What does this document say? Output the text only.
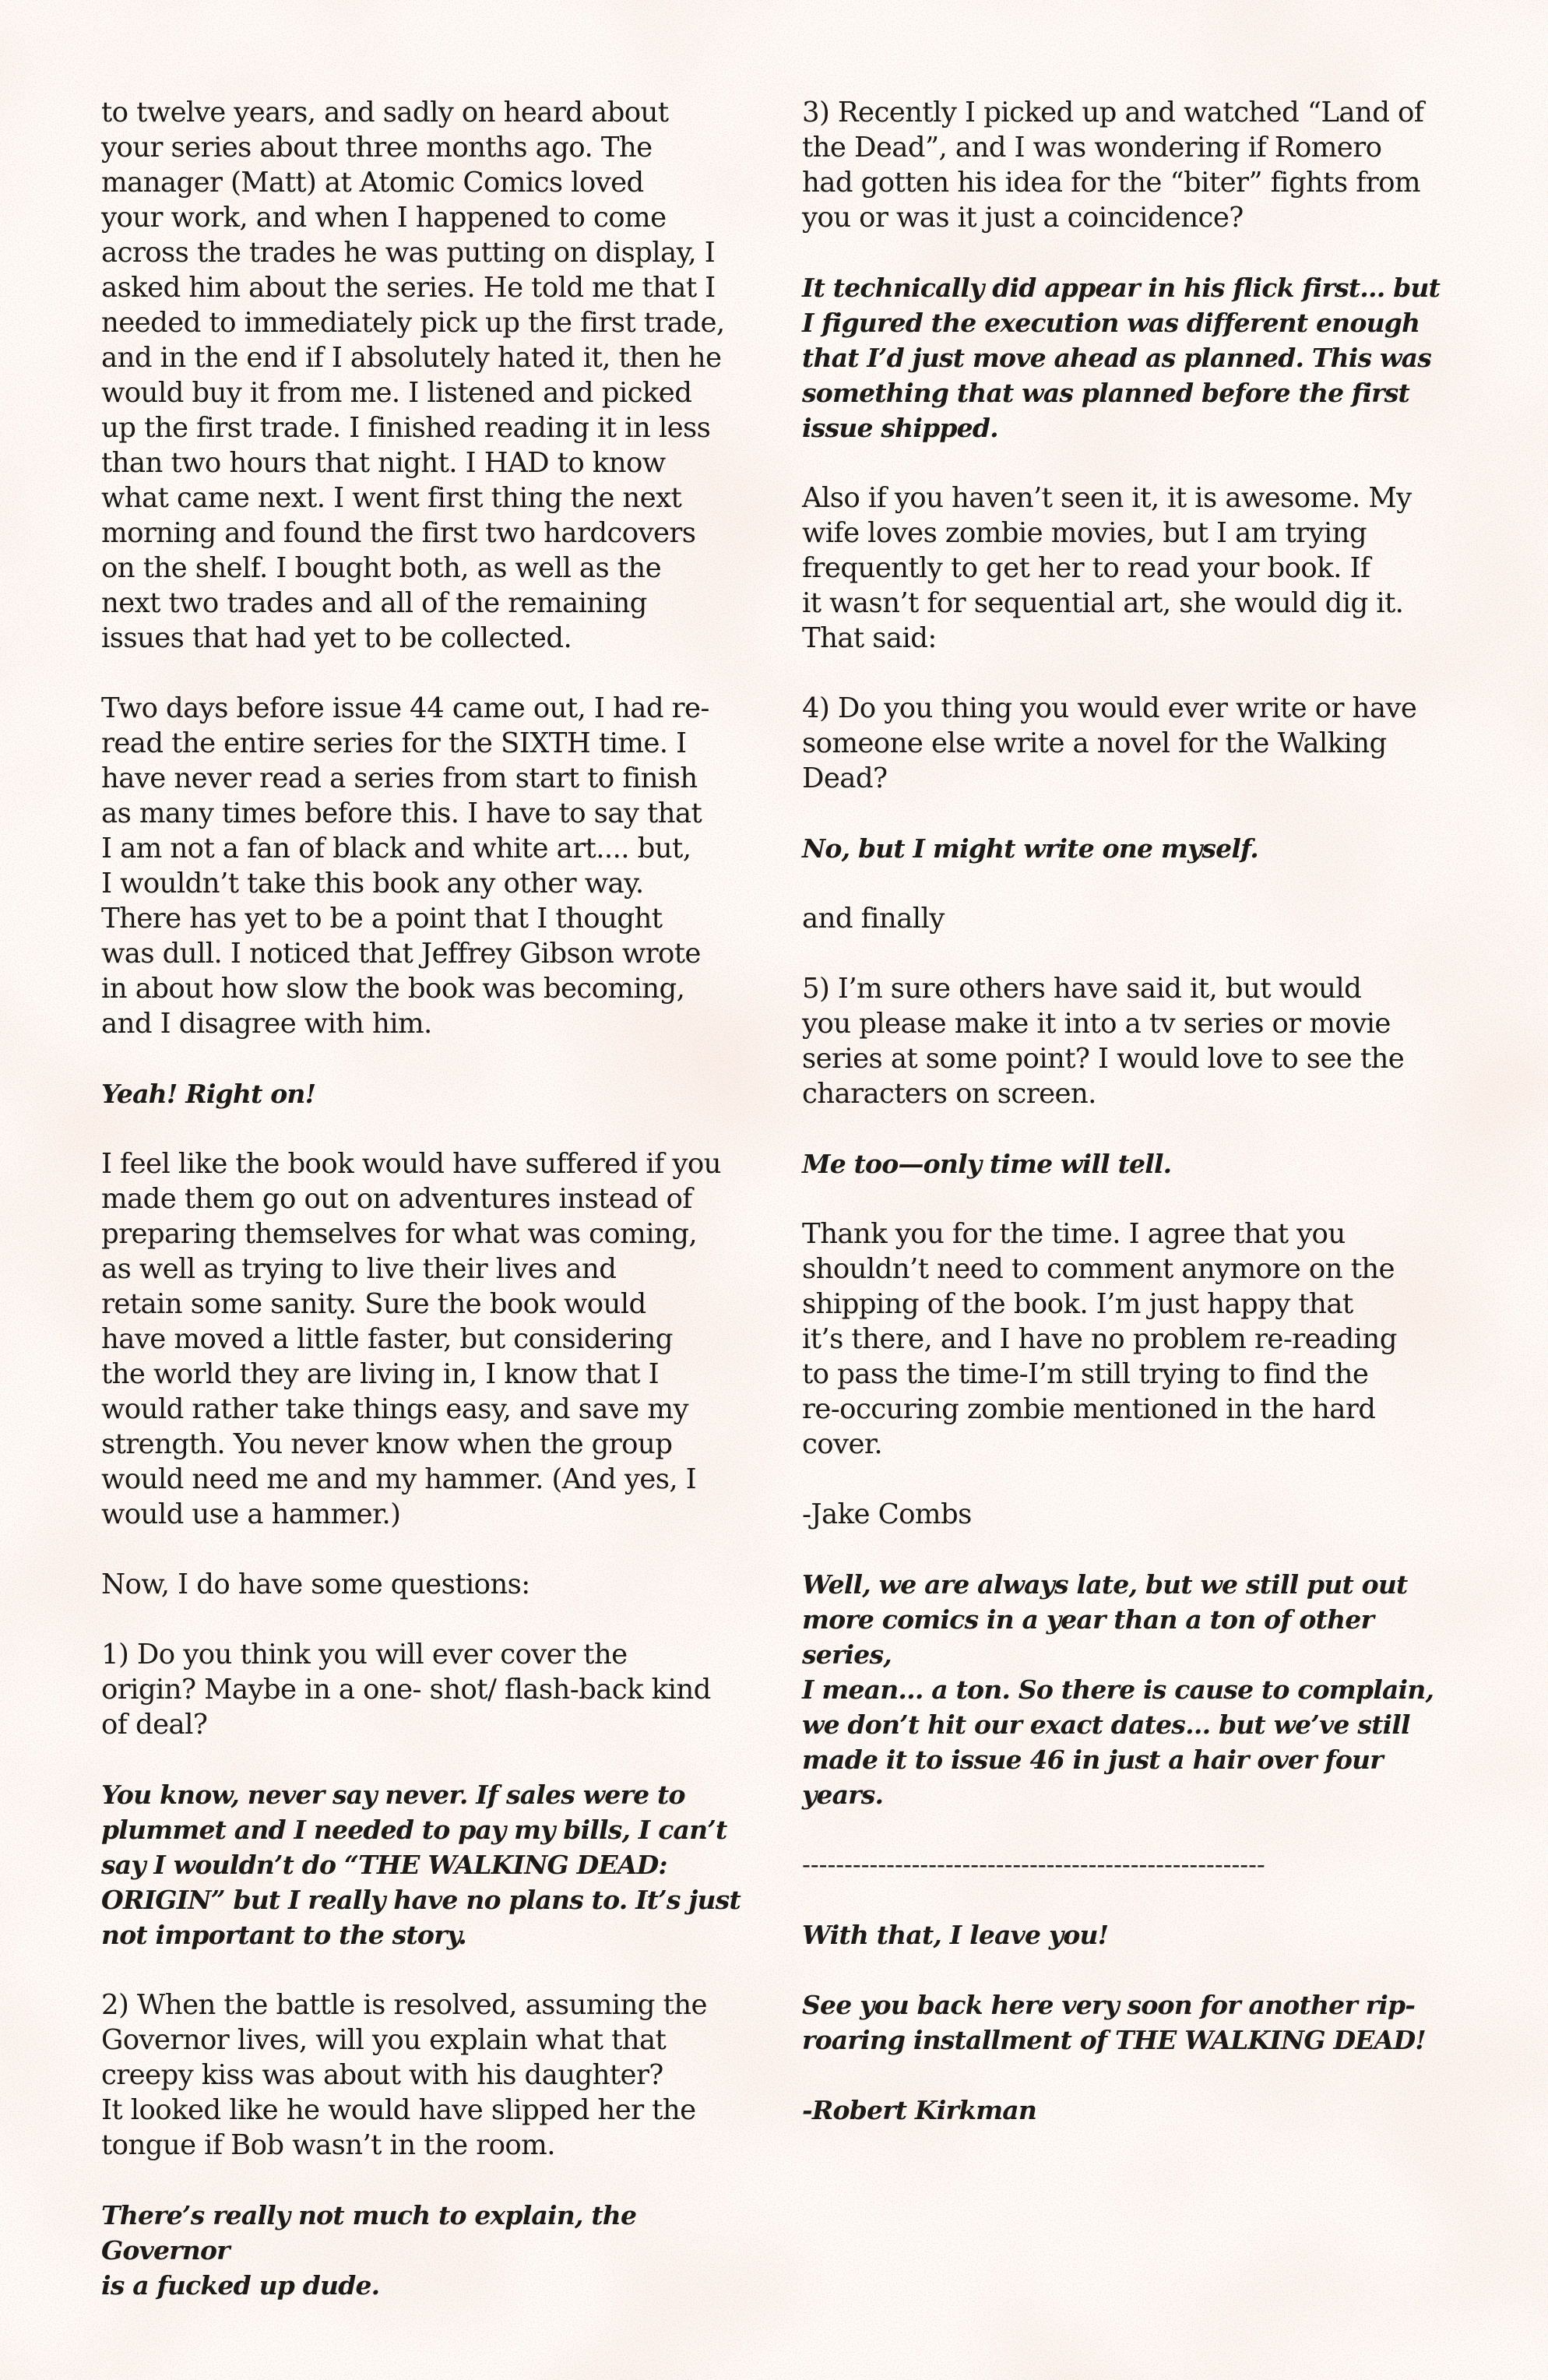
to twelve years, and sadly on heard about
your series about three months ago. The
manager (Matt) at Atomic Comics loved
your work, and when I happened to come
across the trades he was putting on display, I
asked him about the series. He told me that I
needed to immediately pick up the first trade,
and in the end if I absolutely hated it, then he
would buy it from me. I listened and picked
up the first trade. I finished reading it in less
than two hours that night. I HAD to know
what came next. I went first thing the next
morning and found the first two hardcovers
on the shelf. I bought both, as well as the
next two trades and all of the remaining
issues that had yet to be collected.

Two days before issue 44 came out, I had re-
read the entire series for the SIXTH time. I
have never read a series from start to finish
as many times before this. I have to say that
I am not a fan of black and white art.... but,
I wouldn’t take this book any other way.
There has yet to be a point that I thought
was dull. I noticed that Jeffrey Gibson wrote
in about how slow the book was becoming,
and I disagree with him.

Yeah! Right on!

I feel like the book would have suffered if you
made them go out on adventures instead of
preparing themselves for what was coming,
as well as trying to live their lives and
retain some sanity. Sure the book would
have moved a little faster, but considering
the world they are living in, I know that I
would rather take things easy, and save my
strength. You never know when the group
would need me and my hammer. (And yes, I
would use a hammer.)

Now, I do have some questions:

1) Do you think you will ever cover the
origin? Maybe in a one- shot/ flash-back kind
of deal?

You know, never say never. If sales were to
plummet and I needed to pay my bills, I can’t
say I wouldn’t do “THE WALKING DEAD:
ORIGIN” but I really have no plans to. It’s just
not important to the story.

2) When the battle is resolved, assuming the
Governor lives, will you explain what that
creepy kiss was about with his daughter?
It looked like he would have slipped her the
tongue if Bob wasn’t in the room.

There’s really not much to explain, the Governor
is a fucked up dude.

3) Recently I picked up and watched “Land of
the Dead”, and I was wondering if Romero
had gotten his idea for the “biter” fights from
you or was it just a coincidence?

It technically did appear in his flick first… but
I figured the execution was different enough
that I’d just move ahead as planned. This was
something that was planned before the first
issue shipped.

Also if you haven’t seen it, it is awesome. My
wife loves zombie movies, but I am trying
frequently to get her to read your book. If
it wasn’t for sequential art, she would dig it.
That said:

4) Do you thing you would ever write or have
someone else write a novel for the Walking
Dead?

No, but I might write one myself.

and finally

5) I’m sure others have said it, but would
you please make it into a tv series or movie
series at some point? I would love to see the
characters on screen.

Me too—only time will tell.

Thank you for the time. I agree that you
shouldn’t need to comment anymore on the
shipping of the book. I’m just happy that
it’s there, and I have no problem re-reading
to pass the time-I’m still trying to find the
re-occuring zombie mentioned in the hard
cover.

-Jake Combs

Well, we are always late, but we still put out
more comics in a year than a ton of other series,
I mean… a ton. So there is cause to complain,
we don’t hit our exact dates… but we’ve still
made it to issue 46 in just a hair over four
years.

-------------------------------------------------------

With that, I leave you!

See you back here very soon for another rip-
roaring installment of THE WALKING DEAD!

-Robert Kirkman
